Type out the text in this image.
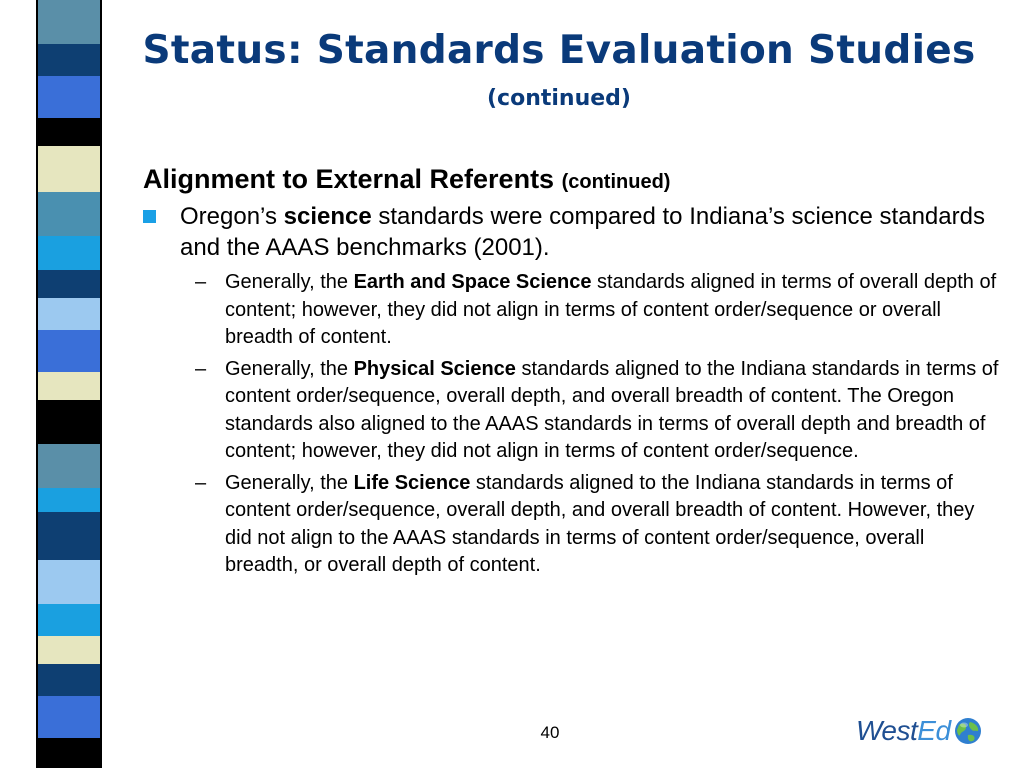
Status: Standards Evaluation Studies
(continued)
Alignment to External Referents (continued)
Oregon’s science standards were compared to Indiana’s science standards and the AAAS benchmarks (2001).
– Generally, the Earth and Space Science standards aligned in terms of overall depth of content; however, they did not align in terms of content order/sequence or overall breadth of content.
– Generally, the Physical Science standards aligned to the Indiana standards in terms of content order/sequence, overall depth, and overall breadth of content. The Oregon standards also aligned to the AAAS standards in terms of overall depth and breadth of content; however, they did not align in terms of content order/sequence.
– Generally, the Life Science standards aligned to the Indiana standards in terms of content order/sequence, overall depth, and overall breadth of content. However, they did not align to the AAAS standards in terms of content order/sequence, overall breadth, or overall depth of content.
40	WestEd
